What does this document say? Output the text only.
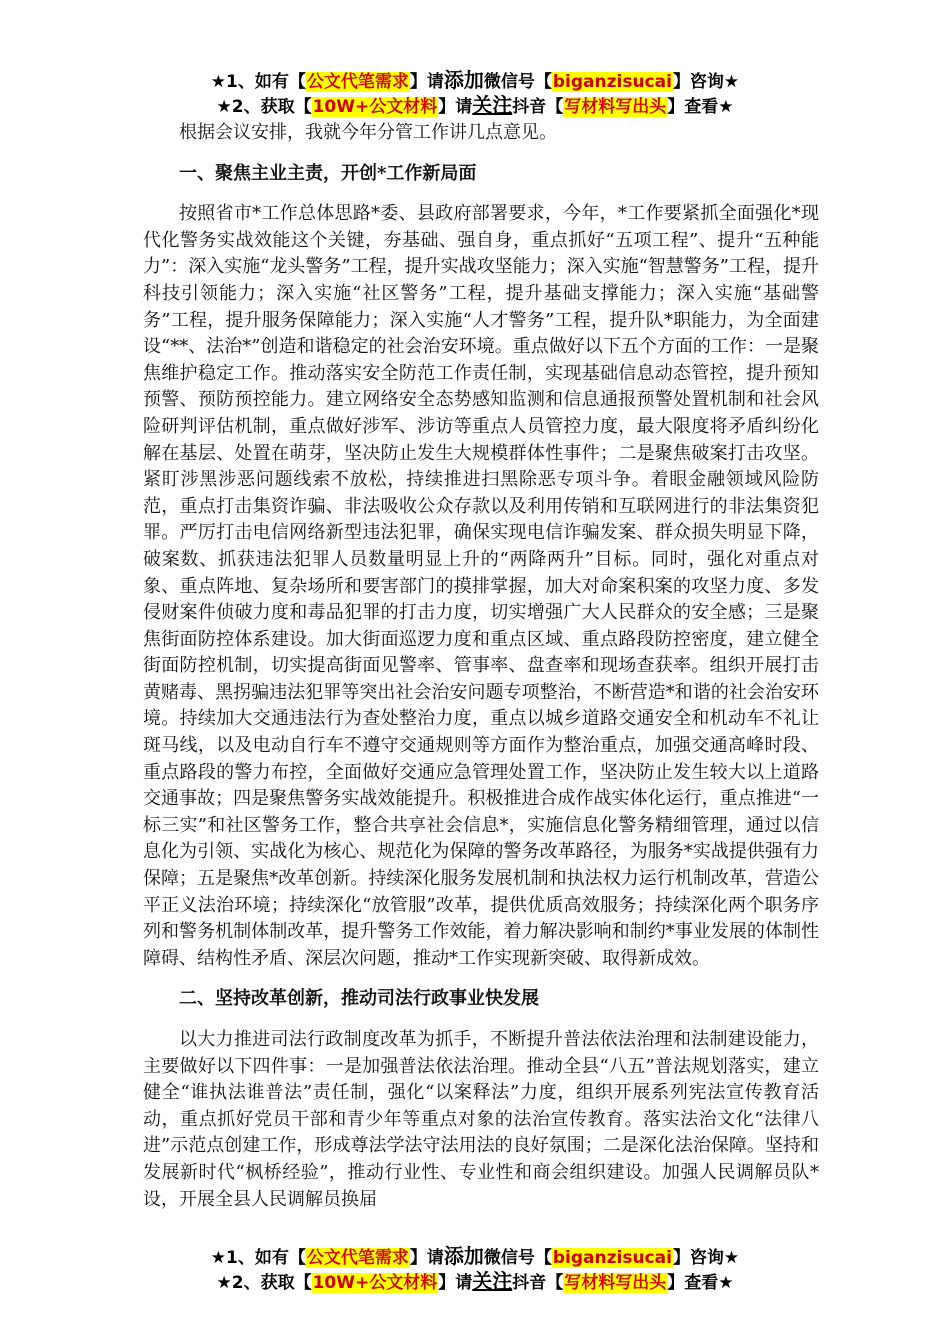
★1、如有【公文代笔需求】请添加微信号【biganzisucai】咨询★
★2、获取【10W+公文材料】请关注抖音【写材料写出头】查看★

根据会议安排，我就今年分管工作讲几点意见。

一、聚焦主业主责，开创*工作新局面

按照省市*工作总体思路*委、县政府部署要求，今年，*工作要紧抓全面强化*现代化警务实战效能这个关键，夯基础、强自身，重点抓好“五项工程”、提升“五种能力”：深入实施“龙头警务”工程，提升实战攻坚能力；深入实施“智慧警务”工程，提升科技引领能力；深入实施“社区警务”工程，提升基础支撑能力；深入实施“基础警务”工程，提升服务保障能力；深入实施“人才警务”工程，提升队*职能力，为全面建设“**、法治*”创造和谐稳定的社会治安环境。重点做好以下五个方面的工作：一是聚焦维护稳定工作。推动落实安全防范工作责任制，实现基础信息动态管控，提升预知预警、预防预控能力。建立网络安全态势感知监测和信息通报预警处置机制和社会风险研判评估机制，重点做好涉军、涉访等重点人员管控力度，最大限度将矛盾纠纷化解在基层、处置在萌芽，坚决防止发生大规模群体性事件；二是聚焦破案打击攻坚。紧盯涉黑涉恶问题线索不放松，持续推进扫黑除恶专项斗争。着眼金融领域风险防范，重点打击集资诈骗、非法吸收公众存款以及利用传销和互联网进行的非法集资犯罪。严厉打击电信网络新型违法犯罪，确保实现电信诈骗发案、群众损失明显下降，破案数、抓获违法犯罪人员数量明显上升的“两降两升”目标。同时，强化对重点对象、重点阵地、复杂场所和要害部门的摸排掌握，加大对命案积案的攻坚力度、多发侵财案件侦破力度和毒品犯罪的打击力度，切实增强广大人民群众的安全感；三是聚焦街面防控体系建设。加大街面巡逻力度和重点区域、重点路段防控密度，建立健全街面防控机制，切实提高街面见警率、管事率、盘查率和现场查获率。组织开展打击黄赌毒、黑拐骗违法犯罪等突出社会治安问题专项整治，不断营造*和谐的社会治安环境。持续加大交通违法行为查处整治力度，重点以城乡道路交通安全和机动车不礼让斑马线，以及电动自行车不遵守交通规则等方面作为整治重点，加强交通高峰时段、重点路段的警力布控，全面做好交通应急管理处置工作，坚决防止发生较大以上道路交通事故；四是聚焦警务实战效能提升。积极推进合成作战实体化运行，重点推进“一标三实”和社区警务工作，整合共享社会信息*，实施信息化警务精细管理，通过以信息化为引领、实战化为核心、规范化为保障的警务改革路径，为服务*实战提供强有力保障；五是聚焦*改革创新。持续深化服务发展机制和执法权力运行机制改革，营造公平正义法治环境；持续深化“放管服”改革，提供优质高效服务；持续深化两个职务序列和警务机制体制改革，提升警务工作效能，着力解决影响和制约*事业发展的体制性障碍、结构性矛盾、深层次问题，推动*工作实现新突破、取得新成效。

二、坚持改革创新，推动司法行政事业快发展

以大力推进司法行政制度改革为抓手，不断提升普法依法治理和法制建设能力，主要做好以下四件事：一是加强普法依法治理。推动全县“八五”普法规划落实，建立健全“谁执法谁普法”责任制，强化“以案释法”力度，组织开展系列宪法宣传教育活动，重点抓好党员干部和青少年等重点对象的法治宣传教育。落实法治文化“法律八进”示范点创建工作，形成尊法学法守法用法的良好氛围；二是深化法治保障。坚持和发展新时代“枫桥经验”，推动行业性、专业性和商会组织建设。加强人民调解员队*设，开展全县人民调解员换届

★1、如有【公文代笔需求】请添加微信号【biganzisucai】咨询★
★2、获取【10W+公文材料】请关注抖音【写材料写出头】查看★
